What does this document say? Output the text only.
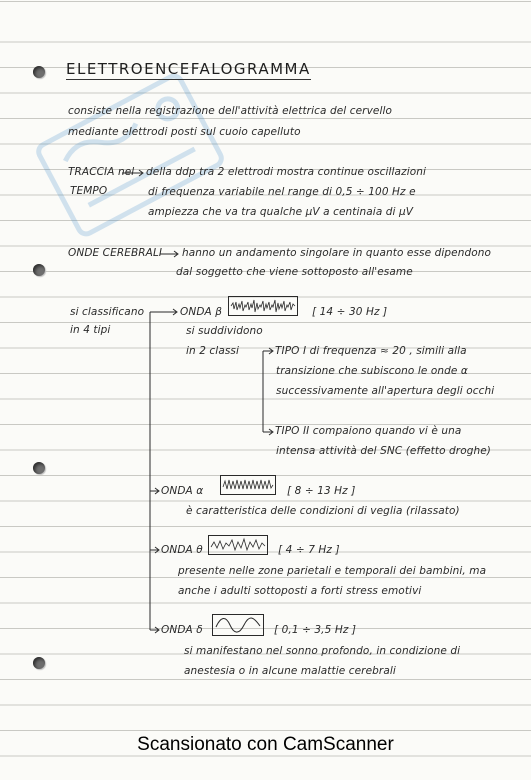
ELETTROENCEFALOGRAMMA
consiste nella registrazione dell'attività elettrica del cervello
mediante elettrodi posti sul cuoio capelluto
TRACCIA nel
TEMPO
della ddp tra 2 elettrodi mostra continue oscillazioni
di frequenza variabile nel range di 0,5 ÷ 100 Hz e
ampiezza che va tra qualche µV a centinaia di µV
ONDE CEREBRALI hanno un andamento singolare in quanto esse dipendono
dal soggetto che viene sottoposto all'esame
si classificano
in 4 tipi
ONDA β	[ 14 ÷ 30 Hz ]
si suddividono
in 2 classi	TIPO I di frequenza ≈ 20 , simili alla
transizione che subiscono le onde α
successivamente all'apertura degli occhi
TIPO II compaiono quando vi è una
intensa attività del SNC (effetto droghe)
ONDA α	[ 8 ÷ 13 Hz ]
è caratteristica delle condizioni di veglia (rilassato)
ONDA θ	[ 4 ÷ 7 Hz ]
presente nelle zone parietali e temporali dei bambini, ma
anche i adulti sottoposti a forti stress emotivi
ONDA δ	[ 0,1 ÷ 3,5 Hz ]
si manifestano nel sonno profondo, in condizione di
anestesia o in alcune malattie cerebrali
Scansionato con CamScanner
